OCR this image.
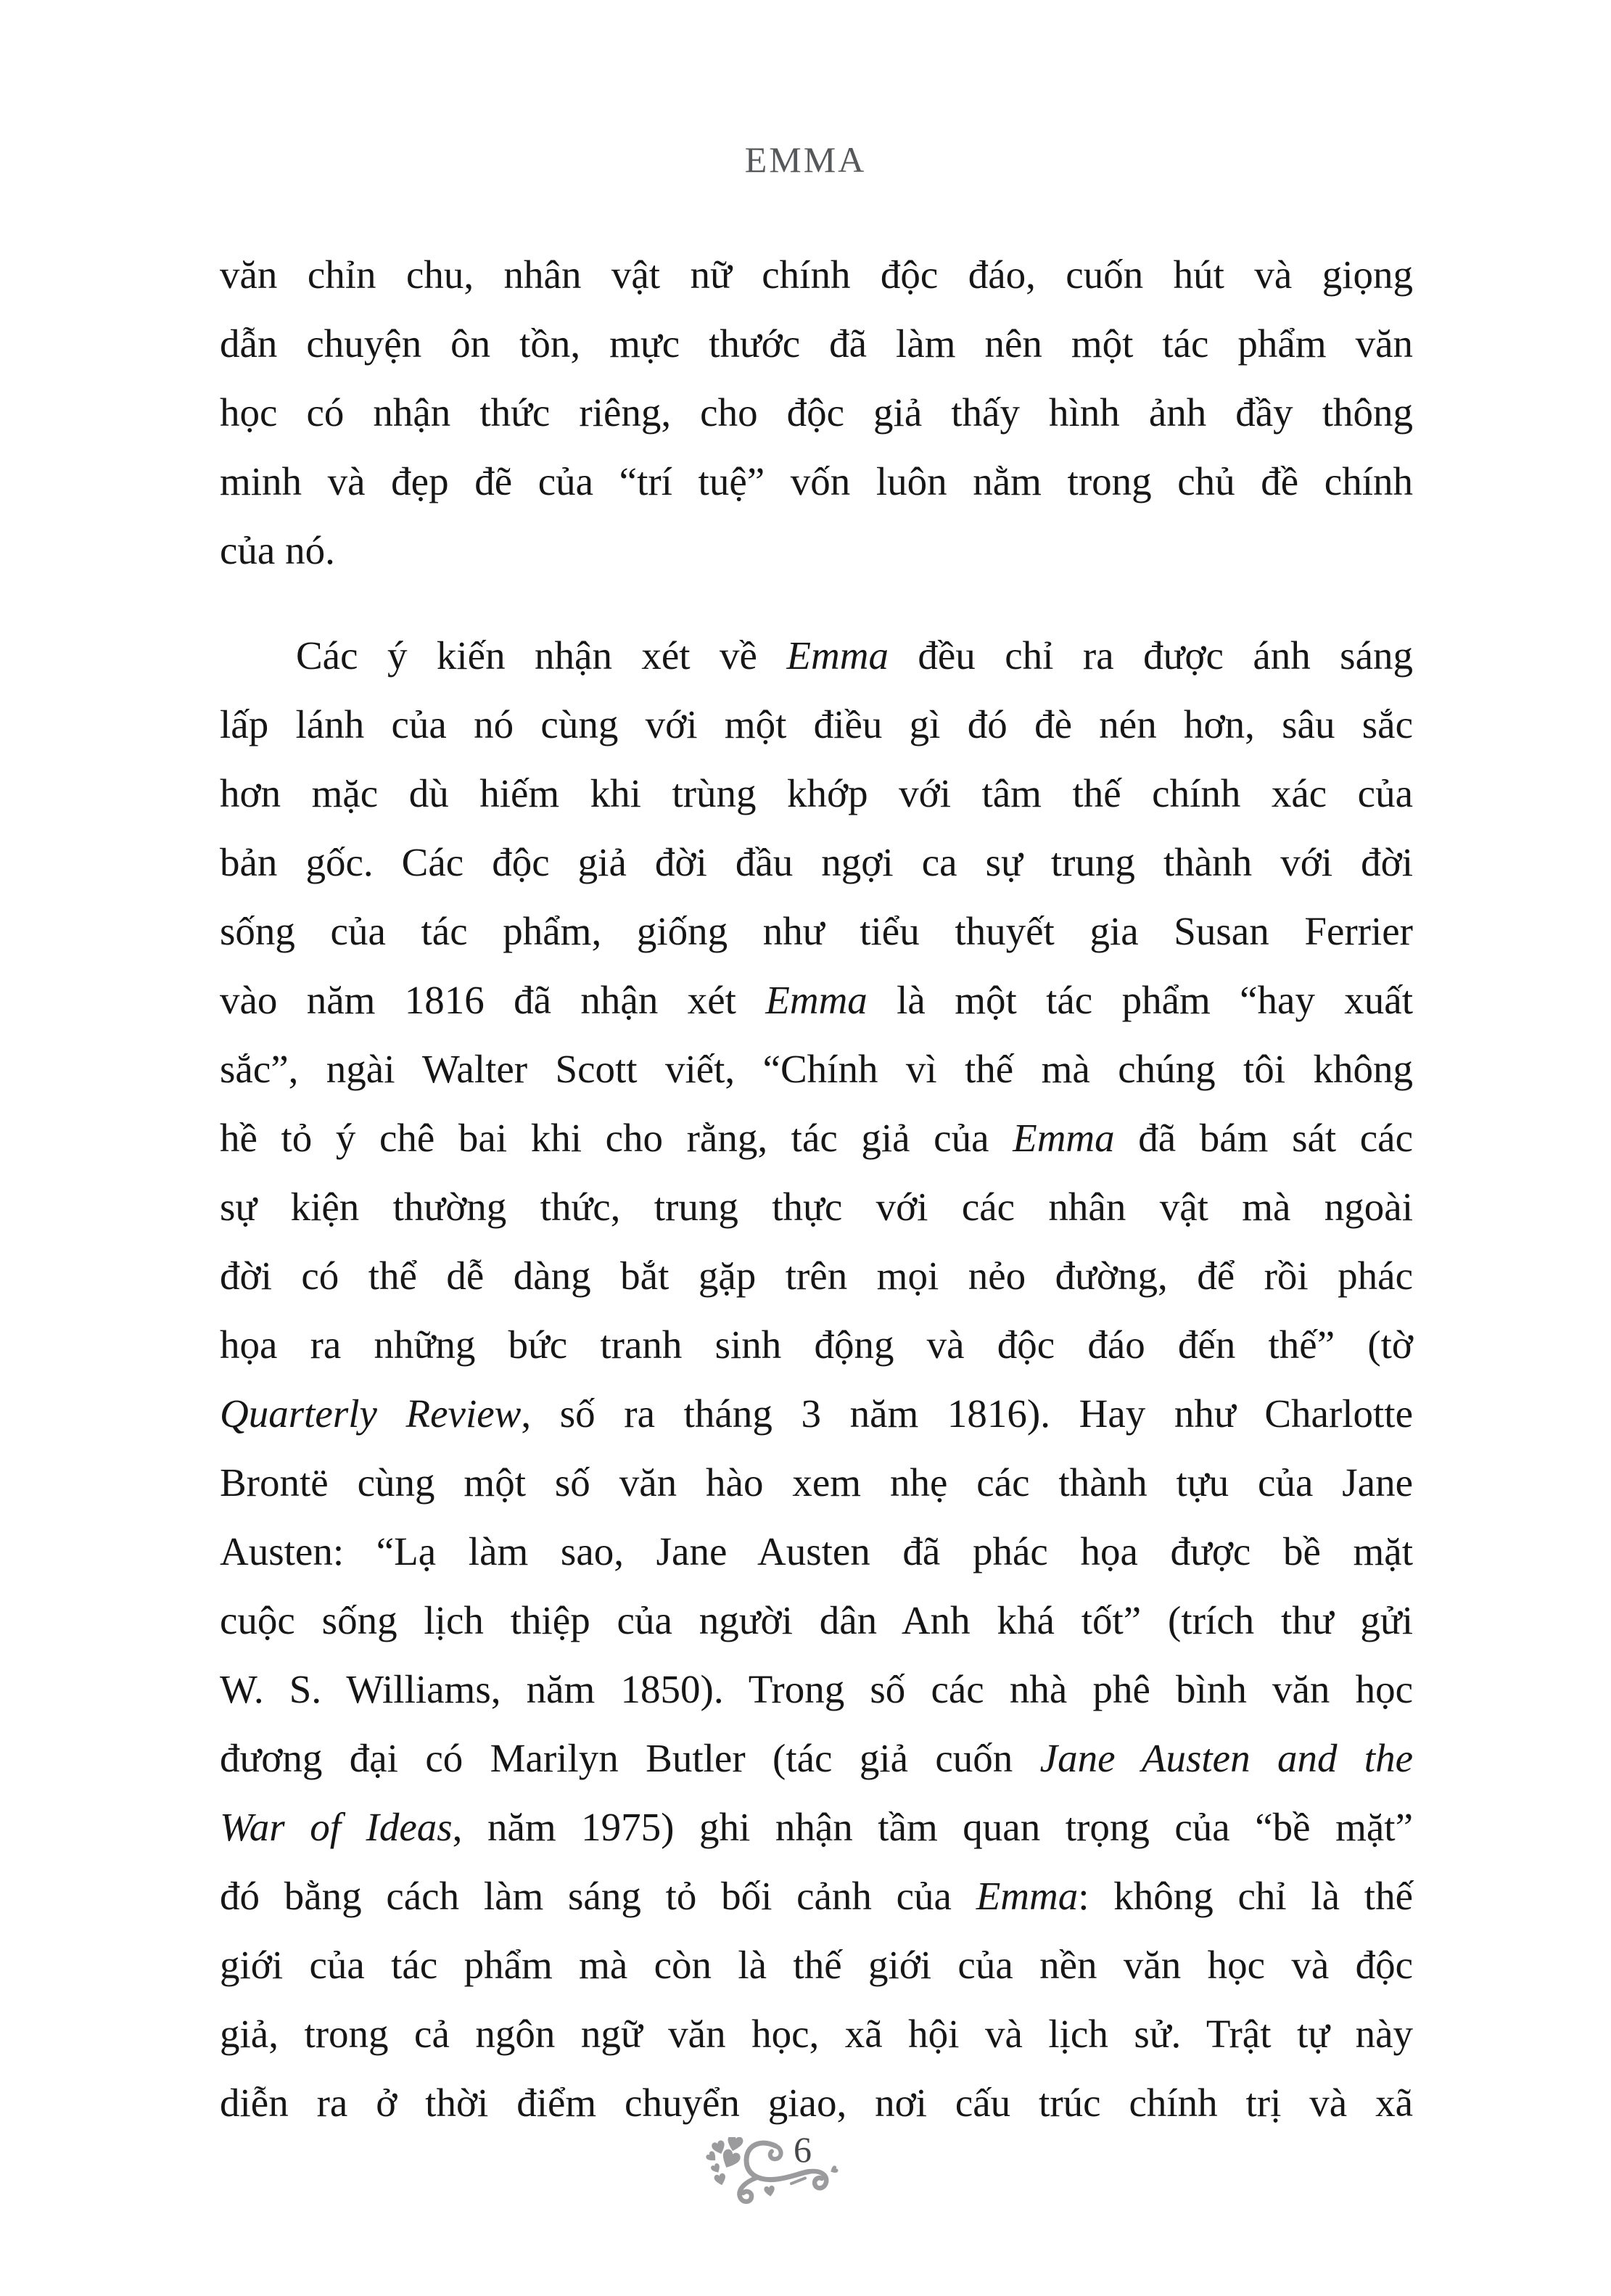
EMMA
văn chỉn chu, nhân vật nữ chính độc đáo, cuốn hút và giọng
dẫn chuyện ôn tồn, mực thước đã làm nên một tác phẩm văn
học có nhận thức riêng, cho độc giả thấy hình ảnh đầy thông
minh và đẹp đẽ của “trí tuệ” vốn luôn nằm trong chủ đề chính
của nó.
Các ý kiến nhận xét về Emma đều chỉ ra được ánh sáng
lấp lánh của nó cùng với một điều gì đó đè nén hơn, sâu sắc
hơn mặc dù hiếm khi trùng khớp với tâm thế chính xác của
bản gốc. Các độc giả đời đầu ngợi ca sự trung thành với đời
sống của tác phẩm, giống như tiểu thuyết gia Susan Ferrier
vào năm 1816 đã nhận xét Emma là một tác phẩm “hay xuất
sắc”, ngài Walter Scott viết, “Chính vì thế mà chúng tôi không
hề tỏ ý chê bai khi cho rằng, tác giả của Emma đã bám sát các
sự kiện thường thức, trung thực với các nhân vật mà ngoài
đời có thể dễ dàng bắt gặp trên mọi nẻo đường, để rồi phác
họa ra những bức tranh sinh động và độc đáo đến thế” (tờ
Quarterly Review, số ra tháng 3 năm 1816). Hay như Charlotte
Brontë cùng một số văn hào xem nhẹ các thành tựu của Jane
Austen: “Lạ làm sao, Jane Austen đã phác họa được bề mặt
cuộc sống lịch thiệp của người dân Anh khá tốt” (trích thư gửi
W. S. Williams, năm 1850). Trong số các nhà phê bình văn học
đương đại có Marilyn Butler (tác giả cuốn Jane Austen and the
War of Ideas, năm 1975) ghi nhận tầm quan trọng của “bề mặt”
đó bằng cách làm sáng tỏ bối cảnh của Emma: không chỉ là thế
giới của tác phẩm mà còn là thế giới của nền văn học và độc
giả, trong cả ngôn ngữ văn học, xã hội và lịch sử. Trật tự này
diễn ra ở thời điểm chuyển giao, nơi cấu trúc chính trị và xã
6
